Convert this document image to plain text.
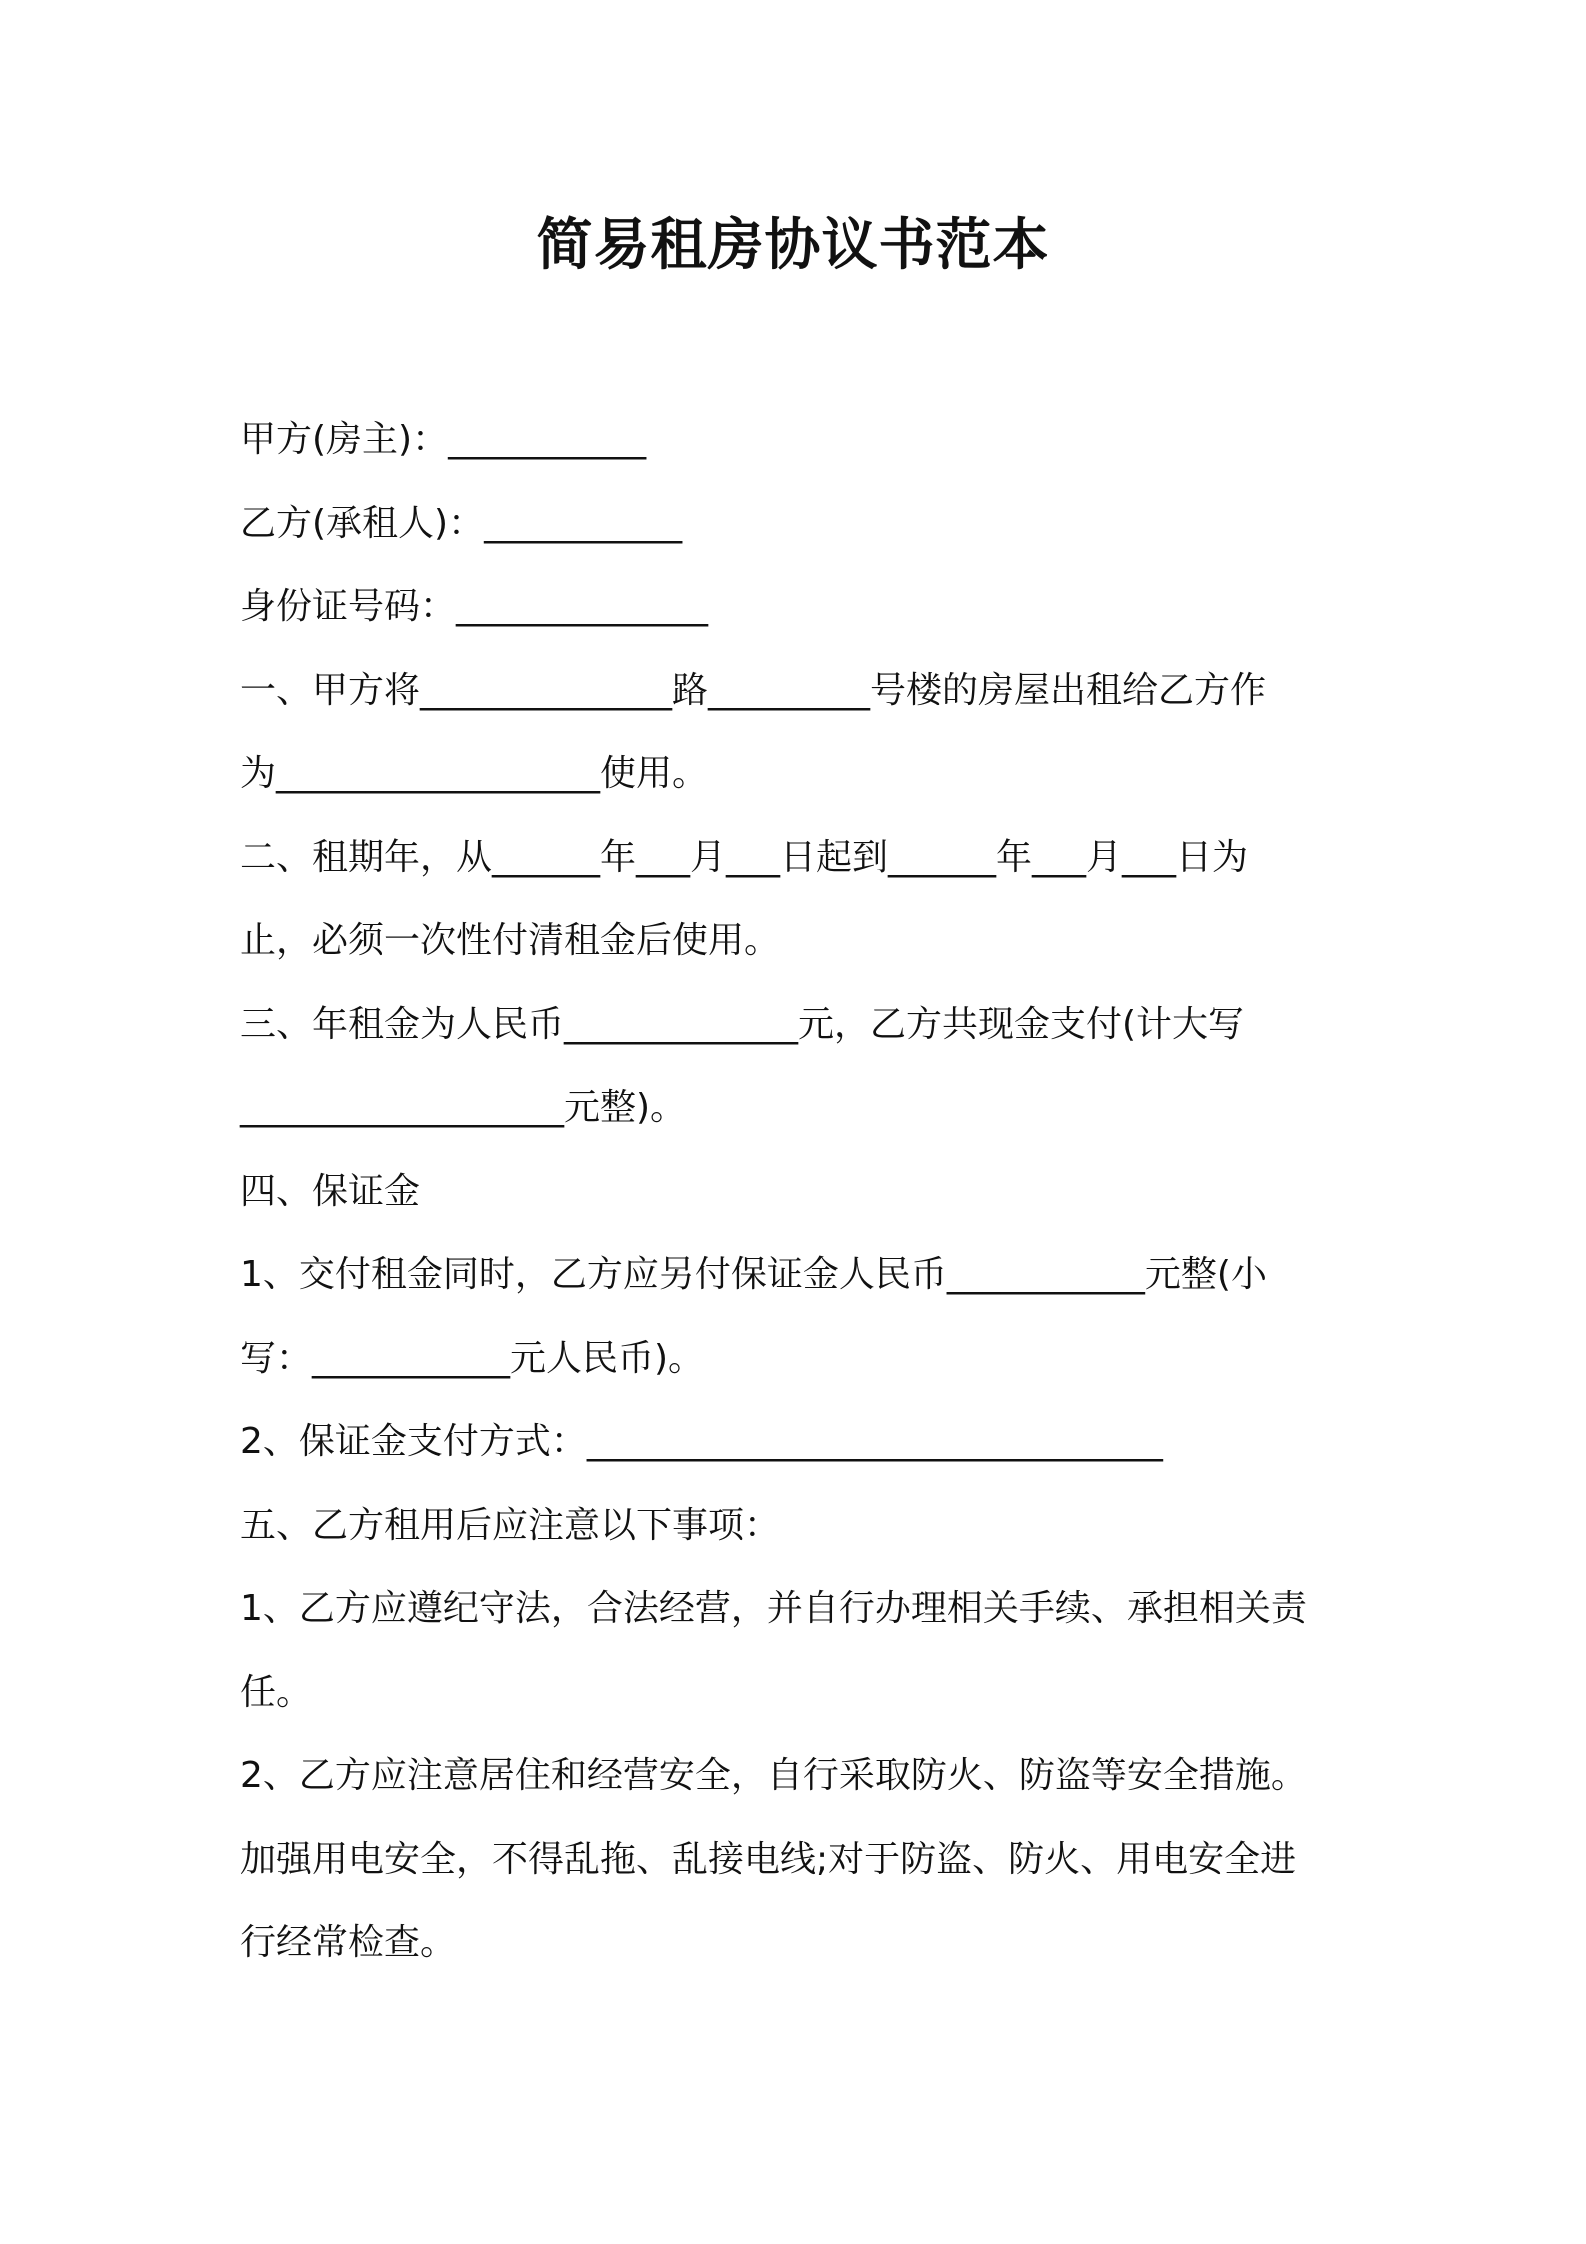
简易租房协议书范本

甲方(房主)：___________

乙方(承租人)：___________

身份证号码：______________

一、甲方将______________路_________号楼的房屋出租给乙方作

为__________________使用。

二、租期年，从______年___月___日起到______年___月___日为

止，必须一次性付清租金后使用。

三、年租金为人民币_____________元，乙方共现金支付(计大写

__________________元整)。

四、保证金

1、交付租金同时，乙方应另付保证金人民币___________元整(小

写：___________元人民币)。

2、保证金支付方式：________________________________

五、乙方租用后应注意以下事项：

1、乙方应遵纪守法，合法经营，并自行办理相关手续、承担相关责

任。

2、乙方应注意居住和经营安全，自行采取防火、防盗等安全措施。

加强用电安全，不得乱拖、乱接电线;对于防盗、防火、用电安全进

行经常检查。
